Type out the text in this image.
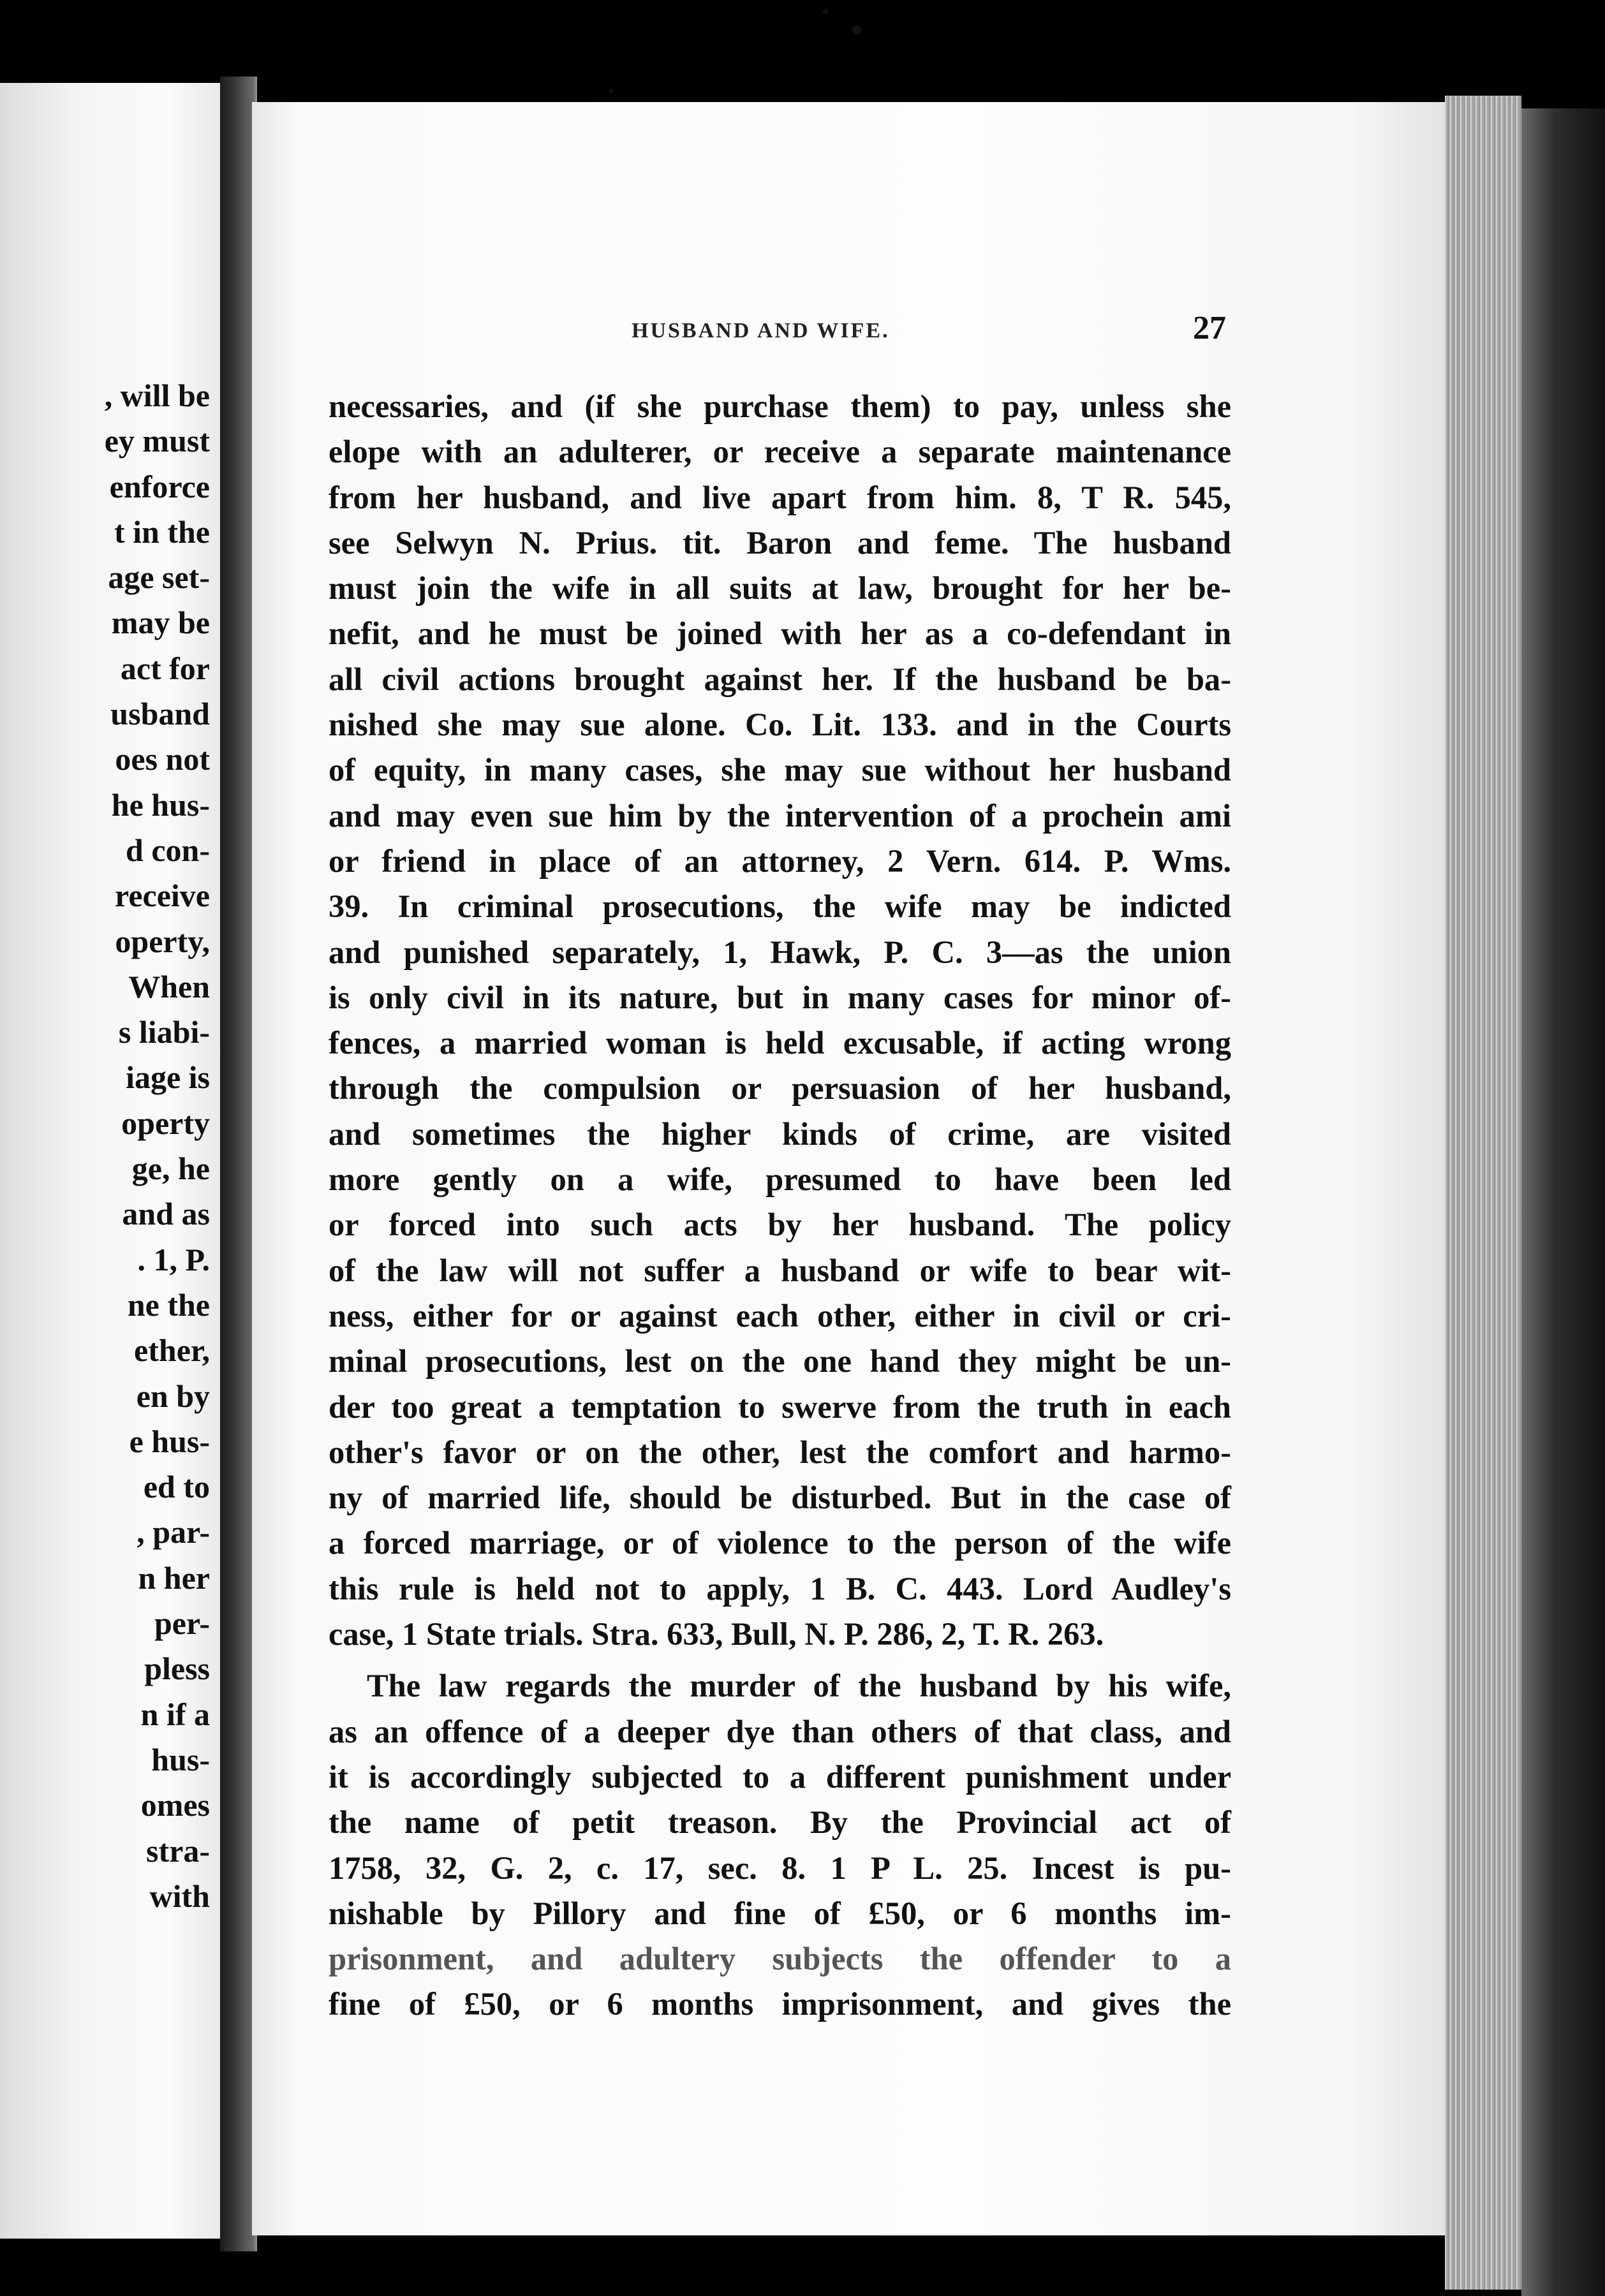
, will be
ey must
enforce
t in the
age set-
may be
act for
usband
oes not
he hus-
d con-
receive
operty,
When
s liabi-
iage is
operty
ge, he
and as
. 1, P.
ne the
ether,
en by
e hus-
ed to
, par-
n her
per-
pless
n if a
hus-
omes
stra-
with
HUSBAND AND WIFE.	27
necessaries, and (if she purchase them) to pay, unless she
elope with an adulterer, or receive a separate maintenance
from her husband, and live apart from him. 8, T R. 545,
see Selwyn N. Prius. tit. Baron and feme. The husband
must join the wife in all suits at law, brought for her be-
nefit, and he must be joined with her as a co-defendant in
all civil actions brought against her. If the husband be ba-
nished she may sue alone. Co. Lit. 133. and in the Courts
of equity, in many cases, she may sue without her husband
and may even sue him by the intervention of a prochein ami
or friend in place of an attorney, 2 Vern. 614. P. Wms.
39. In criminal prosecutions, the wife may be indicted
and punished separately, 1, Hawk, P. C. 3—as the union
is only civil in its nature, but in many cases for minor of-
fences, a married woman is held excusable, if acting wrong
through the compulsion or persuasion of her husband,
and sometimes the higher kinds of crime, are visited
more gently on a wife, presumed to have been led
or forced into such acts by her husband. The policy
of the law will not suffer a husband or wife to bear wit-
ness, either for or against each other, either in civil or cri-
minal prosecutions, lest on the one hand they might be un-
der too great a temptation to swerve from the truth in each
other's favor or on the other, lest the comfort and harmo-
ny of married life, should be disturbed. But in the case of
a forced marriage, or of violence to the person of the wife
this rule is held not to apply, 1 B. C. 443. Lord Audley's
case, 1 State trials. Stra. 633, Bull, N. P. 286, 2, T. R. 263.
The law regards the murder of the husband by his wife,
as an offence of a deeper dye than others of that class, and
it is accordingly subjected to a different punishment under
the name of petit treason. By the Provincial act of
1758, 32, G. 2, c. 17, sec. 8. 1 P L. 25. Incest is pu-
nishable by Pillory and fine of £50, or 6 months im-
prisonment, and adultery subjects the offender to a
fine of £50, or 6 months imprisonment, and gives the
